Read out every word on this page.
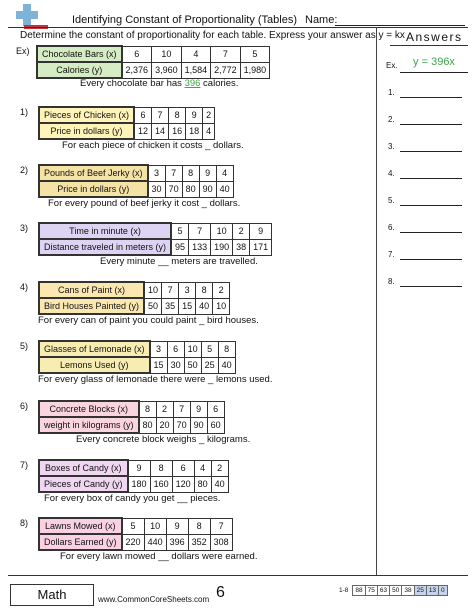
Identifying Constant of Proportionality (Tables) Name:
Determine the constant of proportionality for each table. Express your answer as y = kx Answers
Ex.	y = 396x
1.
2.
3.
4.
5.
6.
7.
8.
Ex) Chocolate Bars (x)	6	10	4	7	5
Calories (y)	2,376	3,960	1,584	2,772	1,980
Every chocolate bar has 396 calories.
1) Pieces of Chicken (x)	6	7	8	9	2
Price in dollars (y)	12	14	16	18	4
For each piece of chicken it costs _ dollars.
2) Pounds of Beef Jerky (x)	3	7	8	9	4
Price in dollars (y)	30	70	80	90	40
For every pound of beef jerky it cost _ dollars.
3)	Time in minute (x)	5	7	10	2	9
Distance traveled in meters (y)	95	133	190	38	171
Every minute __ meters are travelled.
4)	Cans of Paint (x)	10	7	3	8	2
Bird Houses Painted (y)	50	35	15	40	10
For every can of paint you could paint _ bird houses.
5) Glasses of Lemonade (x)	3	6	10	5	8
Lemons Used (y)	15	30	50	25	40
For every glass of lemonade there were _ lemons used.
6) Concrete Blocks (x)	8	2	7	9	6
weight in kilograms (y)	80	20	70	90	60
Every concrete block weighs _ kilograms.
7) Boxes of Candy (x)	9	8	6	4	2
Pieces of Candy (y)	180	160	120	80	40
For every box of candy you get __ pieces.
8) Lawns Mowed (x)	5	10	9	8	7
Dollars Earned (y)	220	440	396	352	308
For every lawn mowed __ dollars were earned.
Math	www.CommonCoreSheets.com 6	1-8	88	75	63	50	38	25	13	0
